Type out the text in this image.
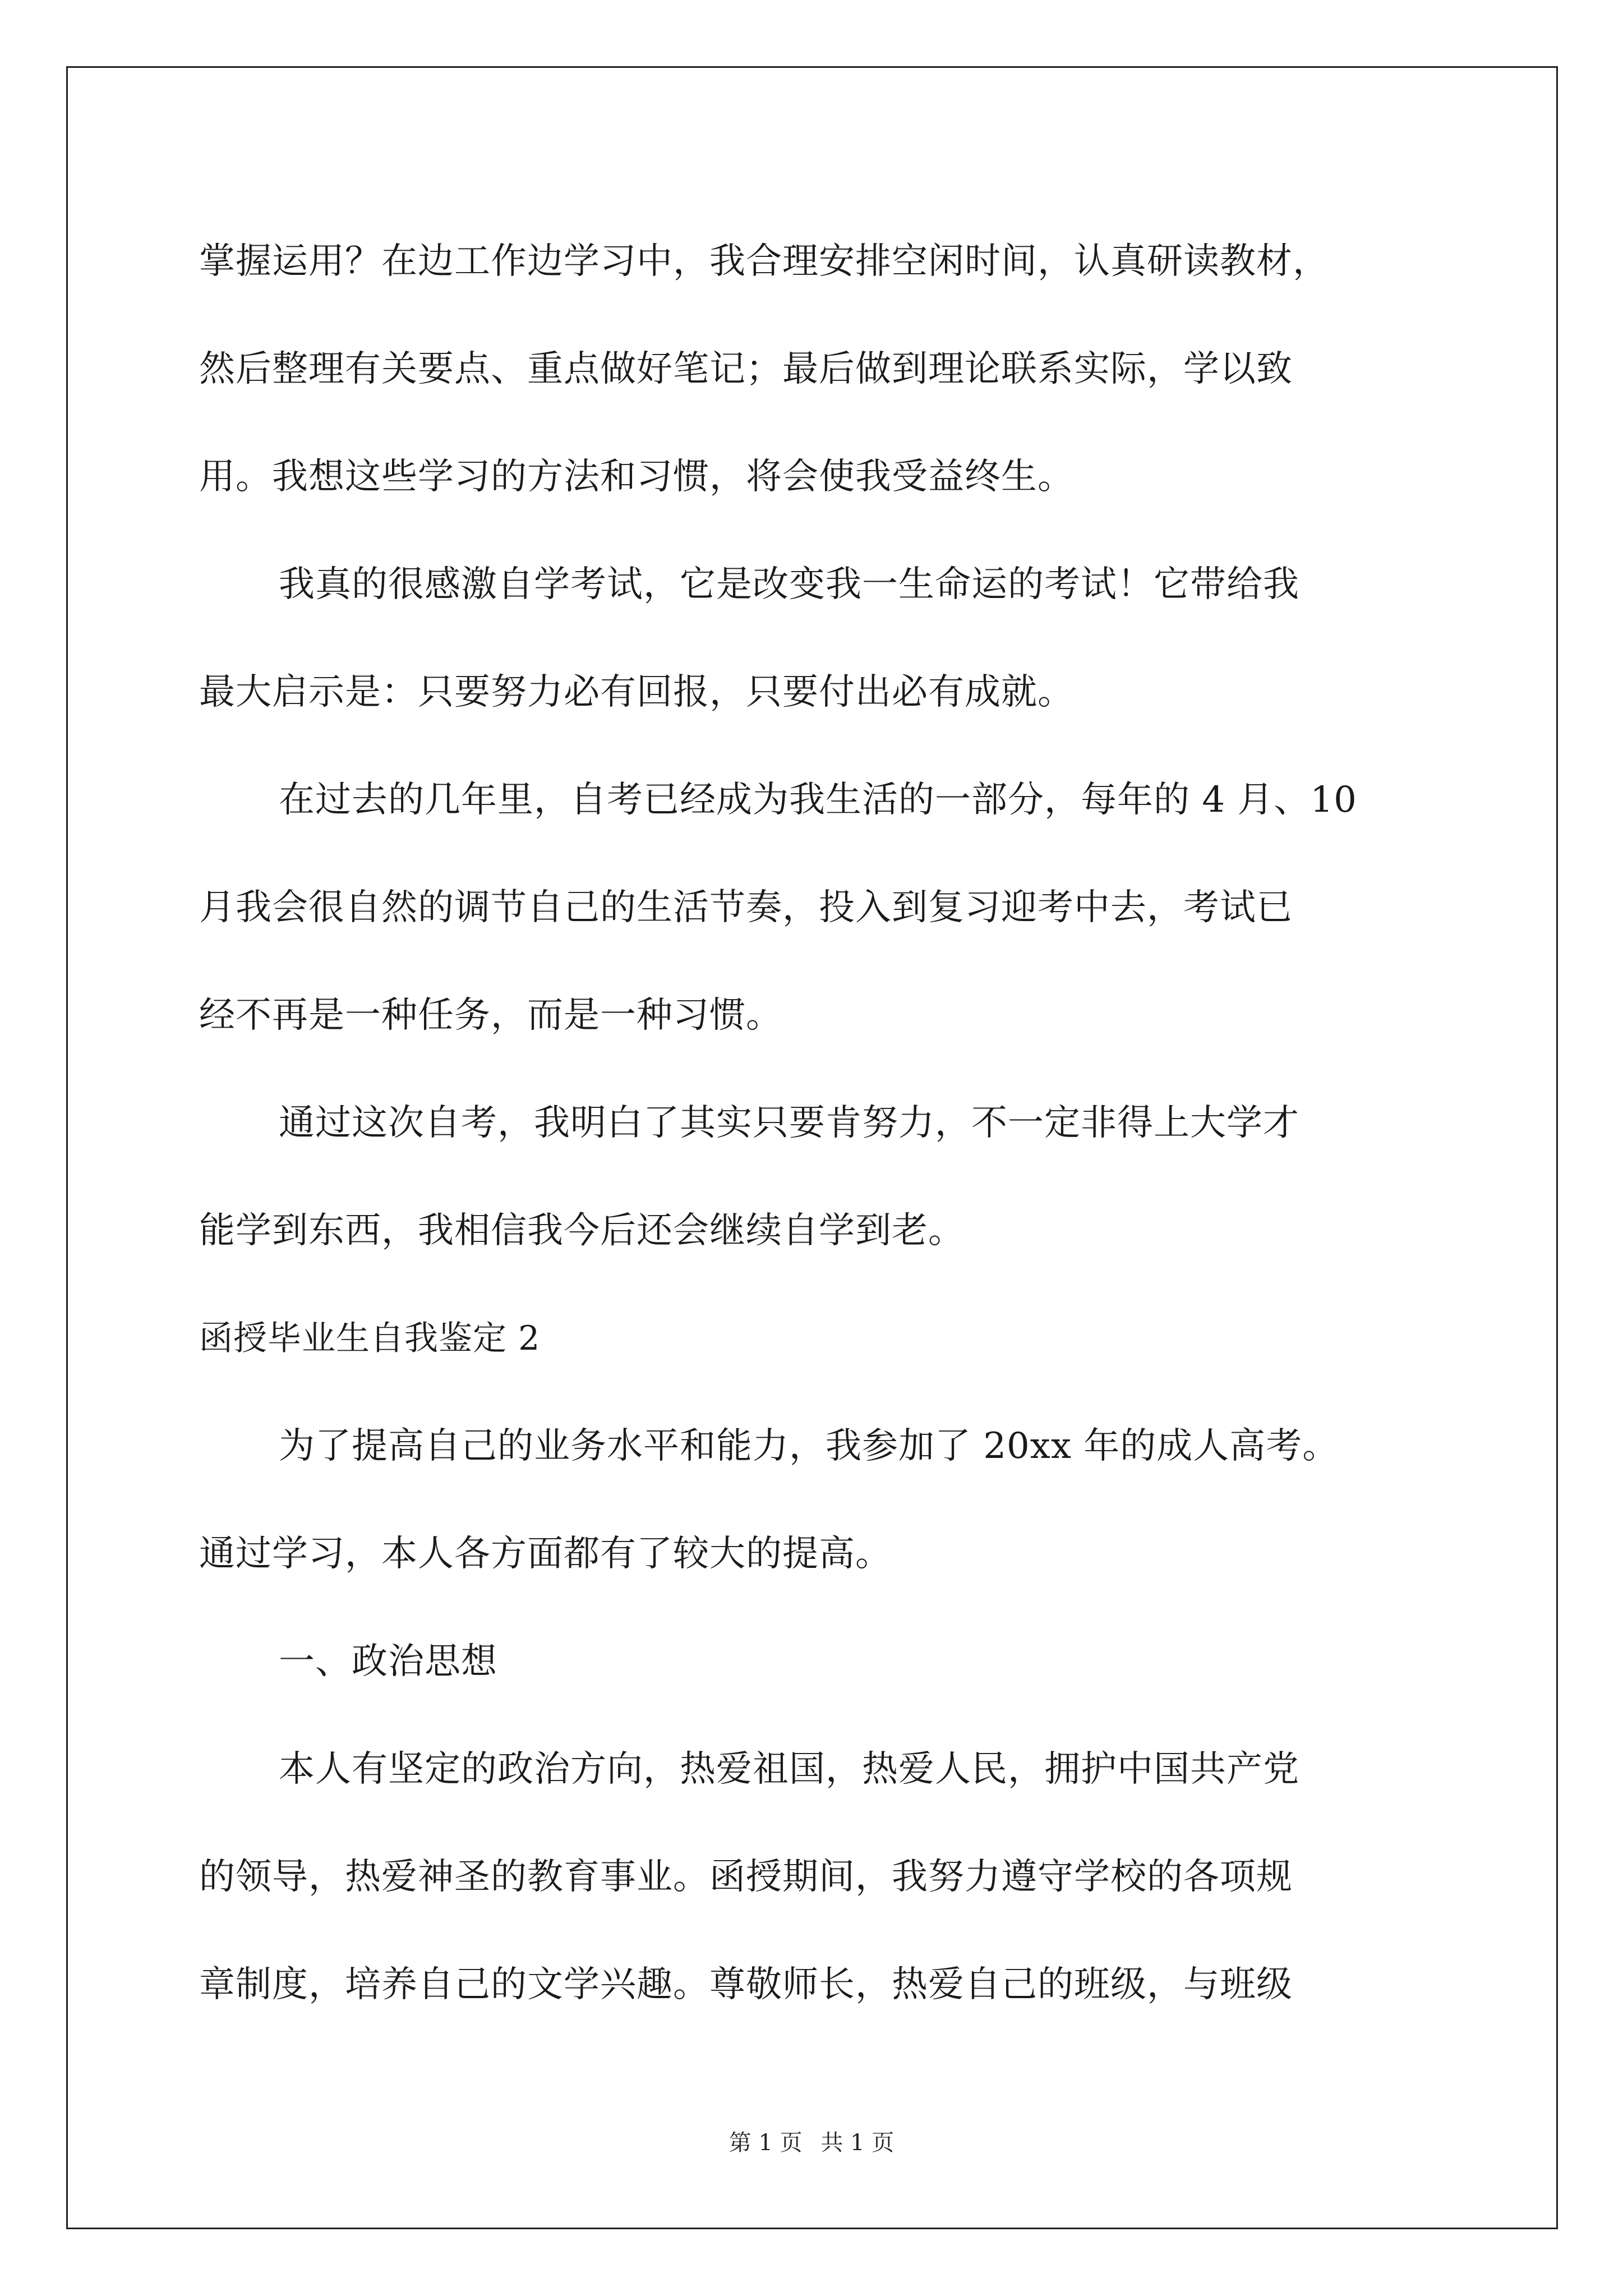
掌握运用？在边工作边学习中，我合理安排空闲时间，认真研读教材，
然后整理有关要点、重点做好笔记；最后做到理论联系实际，学以致
用。我想这些学习的方法和习惯，将会使我受益终生。
我真的很感激自学考试，它是改变我一生命运的考试！它带给我
最大启示是：只要努力必有回报，只要付出必有成就。
在过去的几年里，自考已经成为我生活的一部分，每年的 4 月、10
月我会很自然的调节自己的生活节奏，投入到复习迎考中去，考试已
经不再是一种任务，而是一种习惯。
通过这次自考，我明白了其实只要肯努力，不一定非得上大学才
能学到东西，我相信我今后还会继续自学到老。
函授毕业生自我鉴定 2
为了提高自己的业务水平和能力，我参加了 20xx 年的成人高考。
通过学习，本人各方面都有了较大的提高。
一、政治思想
本人有坚定的政治方向，热爱祖国，热爱人民，拥护中国共产党
的领导，热爱神圣的教育事业。函授期间，我努力遵守学校的各项规
章制度，培养自己的文学兴趣。尊敬师长，热爱自己的班级，与班级
第 1 页 共 1 页
